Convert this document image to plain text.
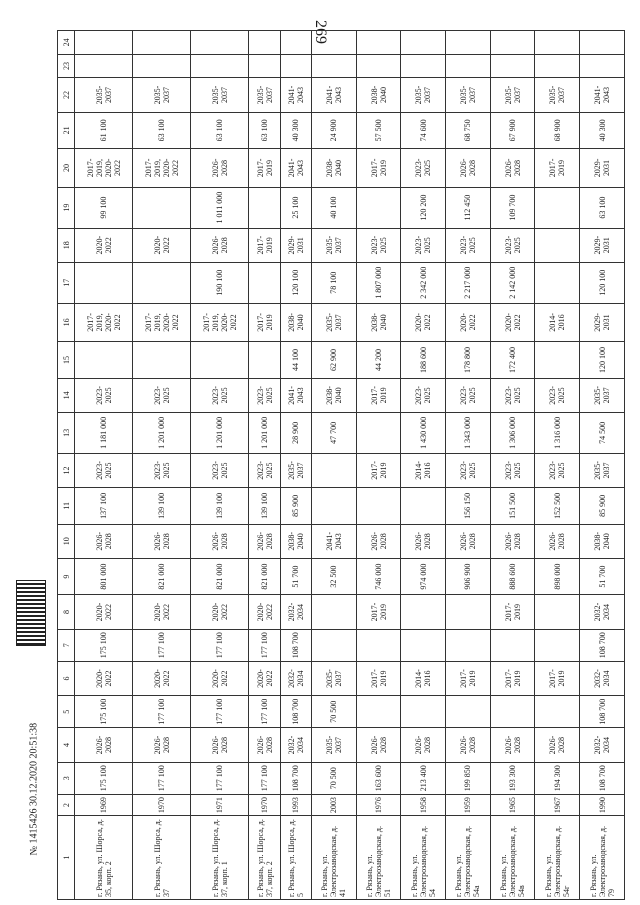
269
1	2	3	4	5	6	7	8	9	10	11	12	13	14	15	16	17	18	19	20	21	22	23	24
г. Рязань, ул. Шорса, д. 35, корп. 2	1969	175 100	2026-2028	175 100	2020-2022	175 100	2020-2022	801 000	2026-2028	137 100	2023-2025	1 181 000	2023-2025		2017-2019, 2020-2022		2020-2022	99 100	2017-2019, 2020-2022	61 100	2035-2037		
г. Рязань, ул. Шорса, д. 37	1970	177 100	2026-2028	177 100	2020-2022	177 100	2020-2022	821 000	2026-2028	139 100	2023-2025	1 201 000	2023-2025		2017-2019, 2020-2022		2020-2022		2017-2019, 2020-2022	63 100	2035-2037		
г. Рязань, ул. Шорса, д. 37, корп. 1	1971	177 100	2026-2028	177 100	2020-2022	177 100	2020-2022	821 000	2026-2028	139 100	2023-2025	1 201 000	2023-2025		2017-2019, 2020-2022	190 100	2026-2028	1 011 000	2026-2028	63 100	2035-2037		
г. Рязань, ул. Шорса, д. 37, корп. 2	1970	177 100	2026-2028	177 100	2020-2022	177 100	2020-2022	821 000	2026-2028	139 100	2023-2025	1 201 000	2023-2025		2017-2019		2017-2019		2017-2019	63 100	2035-2037		
г. Рязань, ул. Шорса, д. 5	1993	108 700	2032-2034	108 700	2032-2034	108 700	2032-2034	51 700	2038-2040	85 900	2035-2037	28 900	2041-2043	44 100	2038-2040	120 100	2029-2031	25 100	2041-2043	40 300	2041-2043		
г. Рязань, ул. Электрозаводская, д. 41	2003	70 500	2035-2037	70 500	2035-2037			32 500	2041-2043			47 700	2038-2040	62 900	2035-2037	78 100	2035-2037	40 100	2038-2040	24 900	2041-2043		
г. Рязань, ул. Электрозаводская, д. 51	1976	163 600	2026-2028		2017-2019		2017-2019	746 000	2026-2028		2017-2019		2017-2019	44 200	2038-2040	1 807 000	2023-2025		2017-2019	57 500	2038-2040		
г. Рязань, ул. Электрозаводская, д. 54	1958	213 400	2026-2028		2014-2016			974 000	2026-2028		2014-2016	1 430 000	2023-2025	188 600	2020-2022	2 342 000	2023-2025	120 200	2023-2025	74 600	2035-2037		
г. Рязань, ул. Электрозаводская, д. 54а	1959	199 850	2026-2028		2017-2019			906 900	2026-2028	156 150	2023-2025	1 343 000	2023-2025	178 800	2020-2022	2 217 000	2023-2025	112 450	2026-2028	68 750	2035-2037		
г. Рязань, ул. Электрозаводская, д. 54в	1965	193 300	2026-2028		2017-2019		2017-2019	888 600	2026-2028	151 500	2023-2025	1 306 000	2023-2025	172 400	2020-2022	2 142 000	2023-2025	109 700	2026-2028	67 900	2035-2037		
г. Рязань, ул. Электрозаводская, д. 54г	1967	194 300	2026-2028		2017-2019			898 000	2026-2028	152 500	2023-2025	1 316 000	2023-2025		2014-2016				2017-2019	68 900	2035-2037		
г. Рязань, ул. Электрозаводская, д. 79	1990	108 700	2032-2034	108 700	2032-2034	108 700	2032-2034	51 700	2038-2040	85 900	2035-2037	74 500	2035-2037	120 100	2029-2031	120 100	2029-2031	63 100	2029-2031	40 300	2041-2043		
№ 1415426 30.12.2020 20:51:38
